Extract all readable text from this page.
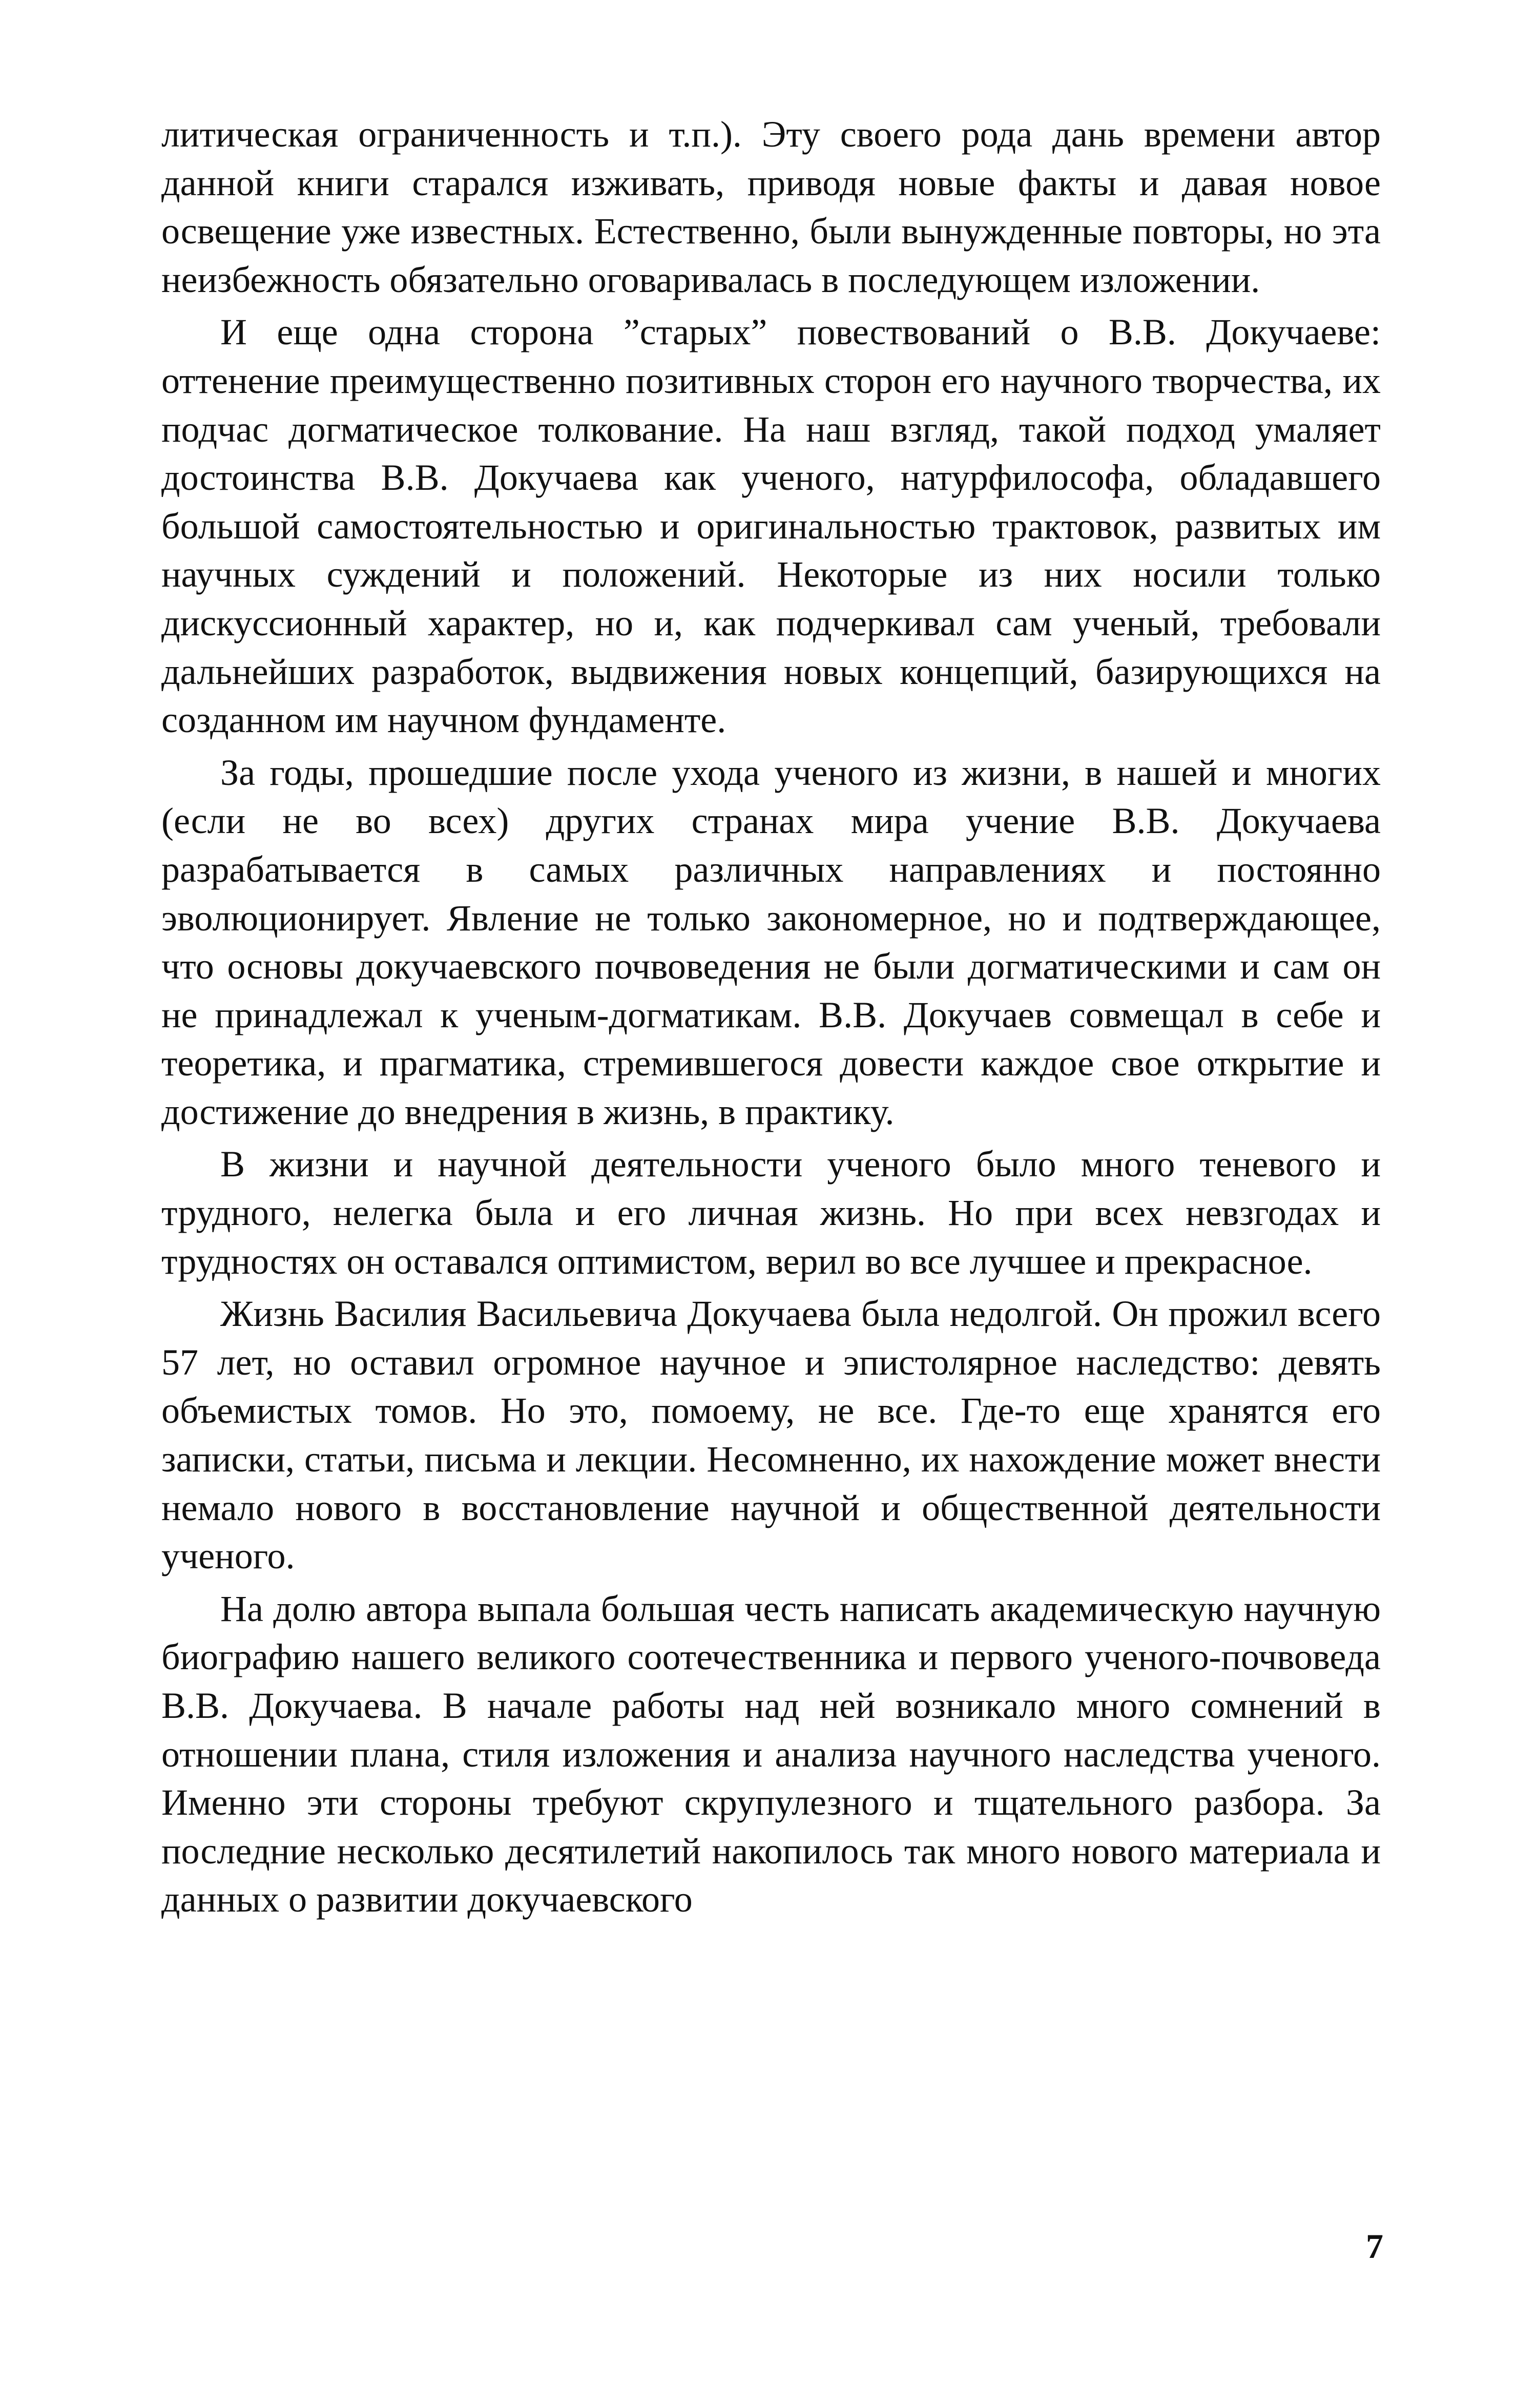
литическая ограниченность и т.п.). Эту своего рода дань времени автор данной книги старался изживать, приводя новые факты и давая новое освещение уже известных. Естественно, были вынужденные повторы, но эта неизбежность обязательно оговаривалась в последующем изложении.

И еще одна сторона ”старых” повествований о В.В. Докучаеве: оттенение преимущественно позитивных сторон его научного творчества, их подчас догматическое толкование. На наш взгляд, такой подход умаляет достоинства В.В. Докучаева как ученого, натурфилософа, обладавшего большой самостоятельностью и оригинальностью трактовок, развитых им научных суждений и положений. Некоторые из них носили только дискуссионный характер, но и, как подчеркивал сам ученый, требовали дальнейших разработок, выдвижения новых концепций, базирующихся на созданном им научном фундаменте.

За годы, прошедшие после ухода ученого из жизни, в нашей и многих (если не во всех) других странах мира учение В.В. Докучаева разрабатывается в самых различных направлениях и постоянно эволюционирует. Явление не только закономерное, но и подтверждающее, что основы докучаевского почвоведения не были догматическими и сам он не принадлежал к ученым-догматикам. В.В. Докучаев совмещал в себе и теоретика, и прагматика, стремившегося довести каждое свое открытие и достижение до внедрения в жизнь, в практику.

В жизни и научной деятельности ученого было много теневого и трудного, нелегка была и его личная жизнь. Но при всех невзгодах и трудностях он оставался оптимистом, верил во все лучшее и прекрасное.

Жизнь Василия Васильевича Докучаева была недолгой. Он прожил всего 57 лет, но оставил огромное научное и эпистолярное наследство: девять объемистых томов. Но это, помоему, не все. Где-то еще хранятся его записки, статьи, письма и лекции. Несомненно, их нахождение может внести немало нового в восстановление научной и общественной деятельности ученого.

На долю автора выпала большая честь написать академическую научную биографию нашего великого соотечественника и первого ученого-почвоведа В.В. Докучаева. В начале работы над ней возникало много сомнений в отношении плана, стиля изложения и анализа научного наследства ученого. Именно эти стороны требуют скрупулезного и тщательного разбора. За последние несколько десятилетий накопилось так много нового материала и данных о развитии докучаевского

7
